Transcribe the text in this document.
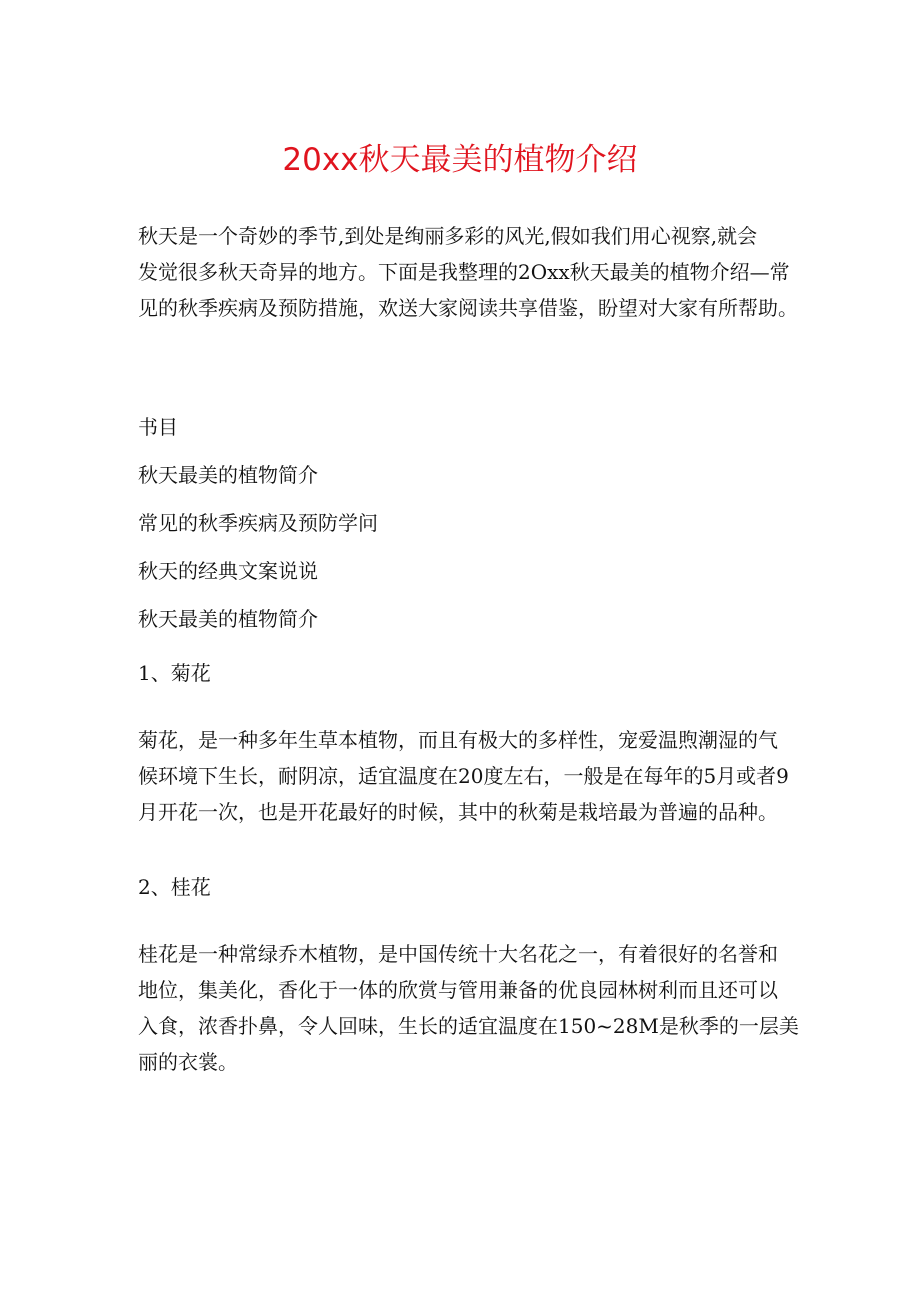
20xx秋天最美的植物介绍
秋天是一个奇妙的季节,到处是绚丽多彩的风光,假如我们用心视察,就会
发觉很多秋天奇异的地方。下面是我整理的2Oxx秋天最美的植物介绍—常
见的秋季疾病及预防措施，欢送大家阅读共享借鉴，盼望对大家有所帮助。
书目
秋天最美的植物简介
常见的秋季疾病及预防学问
秋天的经典文案说说
秋天最美的植物简介
1、菊花
菊花，是一种多年生草本植物，而且有极大的多样性，宠爱温煦潮湿的气
候环境下生长，耐阴凉，适宜温度在20度左右，一般是在每年的5月或者9
月开花一次，也是开花最好的时候，其中的秋菊是栽培最为普遍的品种。
2、桂花
桂花是一种常绿乔木植物，是中国传统十大名花之一，有着很好的名誉和
地位，集美化，香化于一体的欣赏与管用兼备的优良园林树利而且还可以
入食，浓香扑鼻，令人回味，生长的适宜温度在150~28M是秋季的一层美
丽的衣裳。
